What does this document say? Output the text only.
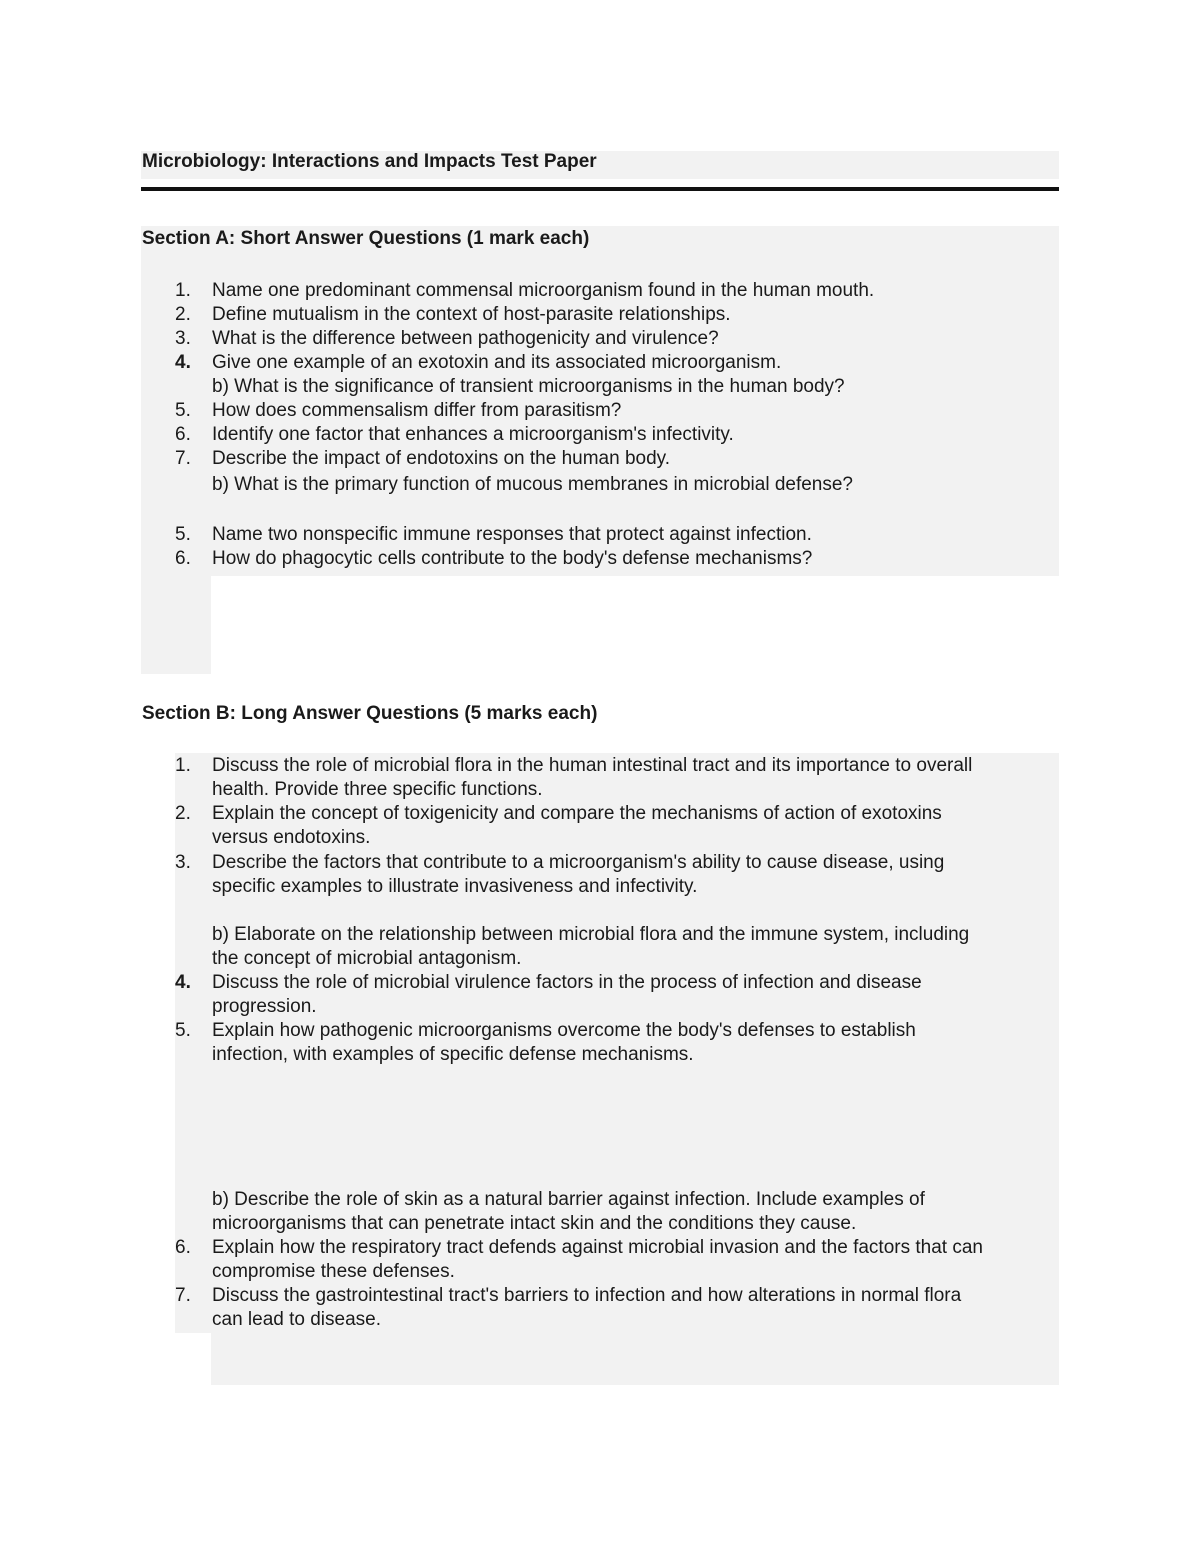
Microbiology: Interactions and Impacts Test Paper
Section A: Short Answer Questions (1 mark each)
1. Name one predominant commensal microorganism found in the human mouth.
2. Define mutualism in the context of host-parasite relationships.
3. What is the difference between pathogenicity and virulence?
4. Give one example of an exotoxin and its associated microorganism.
b) What is the significance of transient microorganisms in the human body?
5. How does commensalism differ from parasitism?
6. Identify one factor that enhances a microorganism's infectivity.
7. Describe the impact of endotoxins on the human body.
b) What is the primary function of mucous membranes in microbial defense?
5. Name two nonspecific immune responses that protect against infection.
6. How do phagocytic cells contribute to the body's defense mechanisms?
Section B: Long Answer Questions (5 marks each)
1. Discuss the role of microbial flora in the human intestinal tract and its importance to overall
health. Provide three specific functions.
2. Explain the concept of toxigenicity and compare the mechanisms of action of exotoxins
versus endotoxins.
3. Describe the factors that contribute to a microorganism's ability to cause disease, using
specific examples to illustrate invasiveness and infectivity.
b) Elaborate on the relationship between microbial flora and the immune system, including
the concept of microbial antagonism.
4. Discuss the role of microbial virulence factors in the process of infection and disease
progression.
5. Explain how pathogenic microorganisms overcome the body's defenses to establish
infection, with examples of specific defense mechanisms.
b) Describe the role of skin as a natural barrier against infection. Include examples of
microorganisms that can penetrate intact skin and the conditions they cause.
6. Explain how the respiratory tract defends against microbial invasion and the factors that can
compromise these defenses.
7. Discuss the gastrointestinal tract's barriers to infection and how alterations in normal flora
can lead to disease.
